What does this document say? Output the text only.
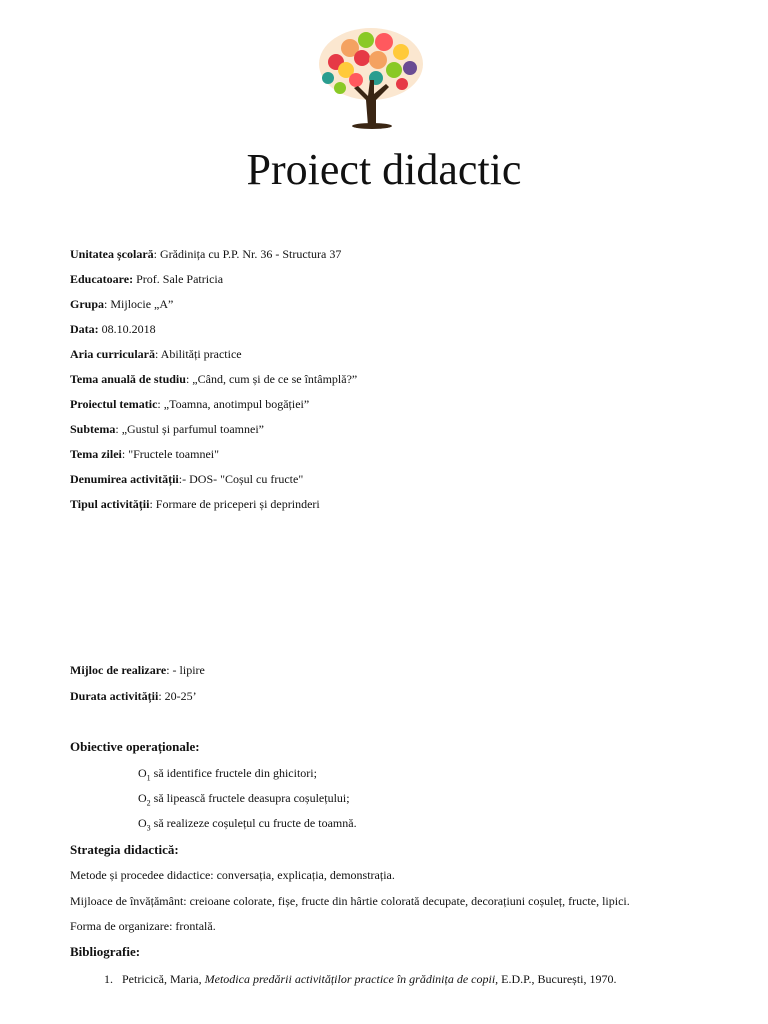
Proiect didactic
Unitatea școlară: Grădinița cu P.P. Nr. 36 - Structura 37
Educatoare: Prof. Sale Patricia
Grupa: Mijlocie „A”
Data: 08.10.2018
Aria curriculară: Abilități practice
Tema anuală de studiu: „Când, cum și de ce se întâmplă?”
Proiectul tematic: „Toamna, anotimpul bogăției”
Subtema: „Gustul și parfumul toamnei”
Tema zilei: "Fructele toamnei"
Denumirea activității:- DOS- "Coșul cu fructe"
Tipul activității: Formare de priceperi și deprinderi
Mijloc de realizare: - lipire
Durata activității: 20-25’
Obiective operaționale:
$O_1$ să identifice fructele din ghicitori;
$O_2$ să lipească fructele deasupra coșulețului;
$O_3$ să realizeze coșulețul cu fructe de toamnă.
Strategia didactică:
Metode și procedee didactice: conversația, explicația, demonstrația.
Mijloace de învățământ: creioane colorate, fișe, fructe din hârtie colorată decupate, decorațiuni coșuleț, fructe, lipici.
Forma de organizare: frontală.
Bibliografie:
1.   Petricică, Maria, Metodica predării activităților practice în grădinița de copii, E.D.P., București, 1970.
